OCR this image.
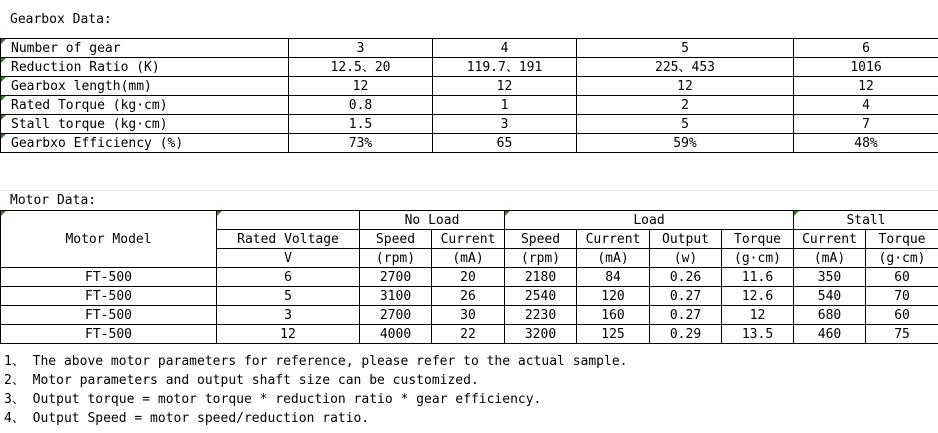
Gearbox Data:
Number of gear	3	4	5	6
Reduction Ratio (K)	12.5、20	119.7、191	225、453	1016
Gearbox length(mm)	12	12	12	12
Rated Torque (kg·cm)	0.8	1	2	4
Stall torque (kg·cm)	1.5	3	5	7
Gearbxo Efficiency (%)	73%	65	59%	48%
Motor Data:
Motor Model		No Load		Load				Stall	
	Rated Voltage	Speed	Current	Speed	Current	Output	Torque	Current	Torque
	V	(rpm)	(mA)	(rpm)	(mA)	(w)	(g·cm)	(mA)	(g·cm)
FT-500	6	2700	20	2180	84	0.26	11.6	350	60
FT-500	5	3100	26	2540	120	0.27	12.6	540	70
FT-500	3	2700	30	2230	160	0.27	12	680	60
FT-500	12	4000	22	3200	125	0.29	13.5	460	75
1、 The above motor parameters for reference, please refer to the actual sample.
2、 Motor parameters and output shaft size can be customized.
3、 Output torque = motor torque * reduction ratio * gear efficiency.
4、 Output Speed = motor speed/reduction ratio.
